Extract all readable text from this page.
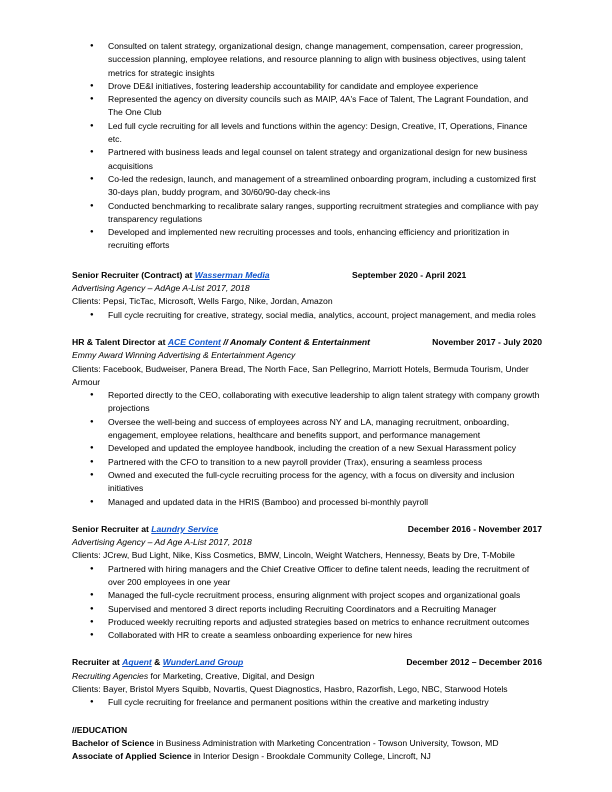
● Consulted on talent strategy, organizational design, change management, compensation, career progression, succession planning, employee relations, and resource planning to align with business objectives, using talent metrics for strategic insights
● Drove DE&I initiatives, fostering leadership accountability for candidate and employee experience
● Represented the agency on diversity councils such as MAIP, 4A's Face of Talent, The Lagrant Foundation, and The One Club
● Led full cycle recruiting for all levels and functions within the agency: Design, Creative, IT, Operations, Finance etc.
● Partnered with business leads and legal counsel on talent strategy and organizational design for new business acquisitions
● Co-led the redesign, launch, and management of a streamlined onboarding program, including a customized first 30-days plan, buddy program, and 30/60/90-day check-ins
● Conducted benchmarking to recalibrate salary ranges, supporting recruitment strategies and compliance with pay transparency regulations
● Developed and implemented new recruiting processes and tools, enhancing efficiency and prioritization in recruiting efforts
Senior Recruiter (Contract) at Wasserman Media	September 2020 - April 2021
Advertising Agency – AdAge A-List 2017, 2018
Clients: Pepsi, TicTac, Microsoft, Wells Fargo, Nike, Jordan, Amazon
● Full cycle recruiting for creative, strategy, social media, analytics, account, project management, and media roles
HR & Talent Director at ACE Content // Anomaly Content & Entertainment	November 2017 - July 2020
Emmy Award Winning Advertising & Entertainment Agency
Clients: Facebook, Budweiser, Panera Bread, The North Face, San Pellegrino, Marriott Hotels, Bermuda Tourism, Under Armour
● Reported directly to the CEO, collaborating with executive leadership to align talent strategy with company growth projections
● Oversee the well-being and success of employees across NY and LA, managing recruitment, onboarding, engagement, employee relations, healthcare and benefits support, and performance management
● Developed and updated the employee handbook, including the creation of a new Sexual Harassment policy
● Partnered with the CFO to transition to a new payroll provider (Trax), ensuring a seamless process
● Owned and executed the full-cycle recruiting process for the agency, with a focus on diversity and inclusion initiatives
● Managed and updated data in the HRIS (Bamboo) and processed bi-monthly payroll
Senior Recruiter at Laundry Service	December 2016 - November 2017
Advertising Agency – Ad Age A-List 2017, 2018
Clients: JCrew, Bud Light, Nike, Kiss Cosmetics, BMW, Lincoln, Weight Watchers, Hennessy, Beats by Dre, T-Mobile
● Partnered with hiring managers and the Chief Creative Officer to define talent needs, leading the recruitment of over 200 employees in one year
● Managed the full-cycle recruitment process, ensuring alignment with project scopes and organizational goals
● Supervised and mentored 3 direct reports including Recruiting Coordinators and a Recruiting Manager
● Produced weekly recruiting reports and adjusted strategies based on metrics to enhance recruitment outcomes
● Collaborated with HR to create a seamless onboarding experience for new hires
Recruiter at Aquent & WunderLand Group	December 2012 – December 2016
Recruiting Agencies for Marketing, Creative, Digital, and Design
Clients: Bayer, Bristol Myers Squibb, Novartis, Quest Diagnostics, Hasbro, Razorfish, Lego, NBC, Starwood Hotels
● Full cycle recruiting for freelance and permanent positions within the creative and marketing industry
//EDUCATION
Bachelor of Science in Business Administration with Marketing Concentration - Towson University, Towson, MD
Associate of Applied Science in Interior Design - Brookdale Community College, Lincroft, NJ
